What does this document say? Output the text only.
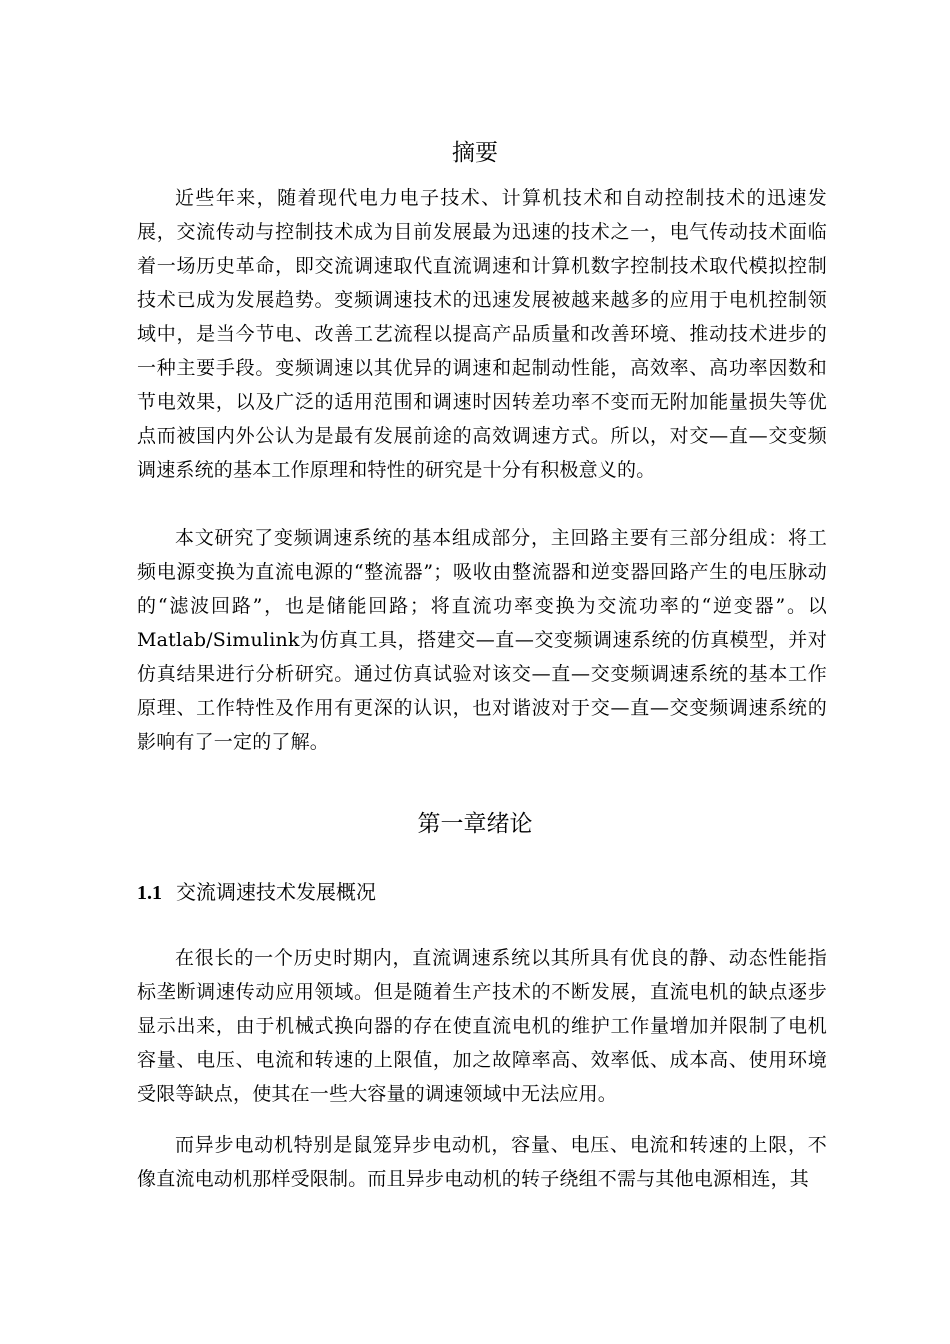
摘要

近些年来，随着现代电力电子技术、计算机技术和自动控制技术的迅速发展，交流传动与控制技术成为目前发展最为迅速的技术之一，电气传动技术面临着一场历史革命，即交流调速取代直流调速和计算机数字控制技术取代模拟控制技术已成为发展趋势。变频调速技术的迅速发展被越来越多的应用于电机控制领域中，是当今节电、改善工艺流程以提高产品质量和改善环境、推动技术进步的一种主要手段。变频调速以其优异的调速和起制动性能，高效率、高功率因数和节电效果，以及广泛的适用范围和调速时因转差功率不变而无附加能量损失等优点而被国内外公认为是最有发展前途的高效调速方式。所以，对交—直—交变频调速系统的基本工作原理和特性的研究是十分有积极意义的。

本文研究了变频调速系统的基本组成部分，主回路主要有三部分组成：将工频电源变换为直流电源的“整流器”；吸收由整流器和逆变器回路产生的电压脉动的“滤波回路”，也是储能回路；将直流功率变换为交流功率的“逆变器”。以Matlab/Simulink为仿真工具，搭建交—直—交变频调速系统的仿真模型，并对仿真结果进行分析研究。通过仿真试验对该交—直—交变频调速系统的基本工作原理、工作特性及作用有更深的认识，也对谐波对于交—直—交变频调速系统的影响有了一定的了解。

第一章绪论
1.1 交流调速技术发展概况

在很长的一个历史时期内，直流调速系统以其所具有优良的静、动态性能指标垄断调速传动应用领域。但是随着生产技术的不断发展，直流电机的缺点逐步显示出来，由于机械式换向器的存在使直流电机的维护工作量增加并限制了电机容量、电压、电流和转速的上限值，加之故障率高、效率低、成本高、使用环境受限等缺点，使其在一些大容量的调速领域中无法应用。

而异步电动机特别是鼠笼异步电动机，容量、电压、电流和转速的上限，不像直流电动机那样受限制。而且异步电动机的转子绕组不需与其他电源相连，其
